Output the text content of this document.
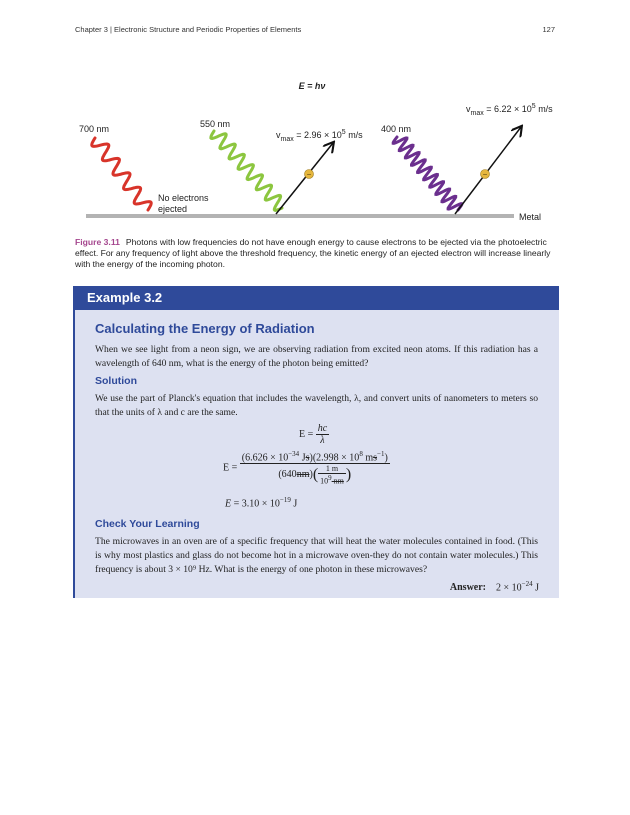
Chapter 3 | Electronic Structure and Periodic Properties of Elements	127
E = hν
−	−
700 nm	550 nm	400 nm
No electrons
ejected
$v_{max} = 2.96 \times 10^5$ m/s
$v_{max} = 6.22 \times 10^5$ m/s
Metal
Figure 3.11 Photons with low frequencies do not have enough energy to cause electrons to be ejected via the photoelectric effect. For any frequency of light above the threshold frequency, the kinetic energy of an ejected electron will increase linearly with the energy of the incoming photon.
Example 3.2
Calculating the Energy of Radiation
When we see light from a neon sign, we are observing radiation from excited neon atoms. If this radiation has a wavelength of 640 nm, what is the energy of the photon being emitted?
Solution
We use the part of Planck's equation that includes the wavelength, λ, and convert units of nanometers to meters so that the units of λ and c are the same.
$E = \frac{hc}{\lambda}$
$E = \frac{(6.626 \times 10^{-34} Js)(2.998 \times 10^8 ms^{-1})}{(640nm)( \frac{1 m}{10^9 nm} )}$
$E = 3.10 \times 10^{-19}$ J
Check Your Learning
The microwaves in an oven are of a specific frequency that will heat the water molecules contained in food. (This is why most plastics and glass do not become hot in a microwave oven-they do not contain water molecules.) This frequency is about 3 × 10⁹ Hz. What is the energy of one photon in these microwaves?
Answer: $2 \times 10^{-24}$ J
